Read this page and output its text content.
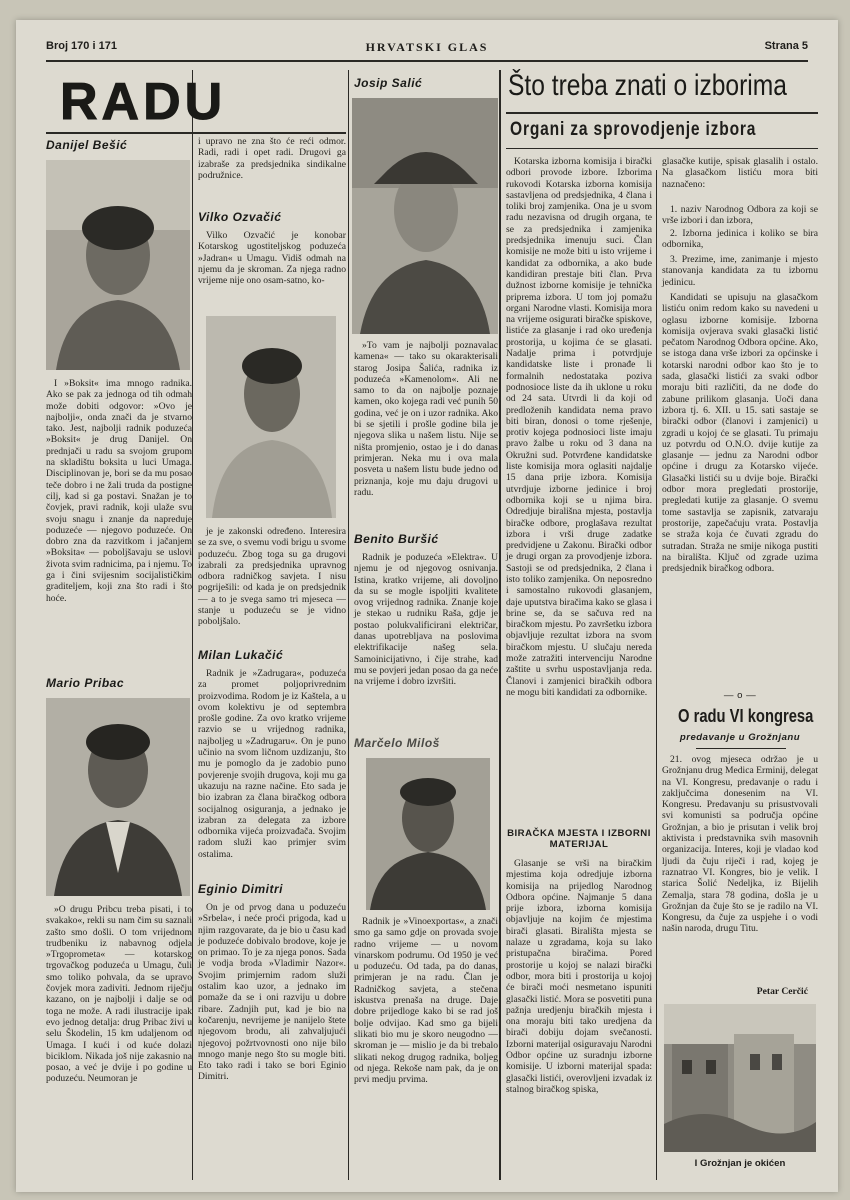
Broj 170 i 171	HRVATSKI GLAS	Strana 5
RADU
Danijel Bešić
I »Boksit« ima mnogo radnika. Ako se pak za jednoga od tih odmah može dobiti odgovor: »Ovo je najbolji«, onda znači da je stvarno tako. Jest, najbolji radnik poduzeća »Boksit« je drug Danijel. On prednjači u radu sa svojom grupom na skladištu boksita u luci Umaga. Disciplinovan je, bori se da mu posao teče dobro i ne žali truda da postigne cilj, kad si ga postavi. Snažan je to čovjek, pravi radnik, koji ulaže svu svoju snagu i znanje da napreduje poduzeće — njegovo poduzeće. On dobro zna da razvitkom i jačanjem »Boksita« — poboljšavaju se uslovi života svim radnicima, pa i njemu. To ga i čini svijesnim socijalističkim graditeljem, koji zna što radi i što hoće.
Mario Pribac
»O drugu Pribcu treba pisati, i to svakako«, rekli su nam čim su saznali zašto smo došli. O tom vrijednom trudbeniku iz nabavnog odjela »Trgoprometa« — kotarskog trgovačkog poduzeća u Umagu, čuli smo toliko pohvala, da se upravo čovjek mora zadiviti. Jednom riječju kazano, on je najbolji i dalje se od toga ne može. A radi ilustracije ipak evo jednog detalja: drug Pribac živi u selu Škodelin, 15 km udaljenom od Umaga. I kući i od kuće dolazi biciklom. Nikada još nije zakasnio na posao, a već je dvije i po godine u poduzeću. Neumoran je
i upravo ne zna što će reći odmor. Radi, radi i opet radi. Drugovi ga izabraše za predsjednika sindikalne podružnice.
Vilko Ozvačić
Vilko Ozvačić je konobar Kotarskog ugostiteljskog poduzeća »Jadran« u Umagu. Vidiš odmah na njemu da je skroman. Za njega radno vrijeme nije ono osam-satno, ko-
je je zakonski određeno. Interesira se za sve, o svemu vodi brigu u svome poduzeću. Zbog toga su ga drugovi izabrali za predsjednika upravnog odbora radničkog savjeta. I nisu pogriješili: od kada je on predsjednik — a to je svega samo tri mjeseca — stanje u poduzeću se je vidno poboljšalo.
Milan Lukačić
Radnik je »Zadrugara«, poduzeća za promet poljoprivrednim proizvodima. Rodom je iz Kaštela, a u ovom kolektivu je od septembra prošle godine. Za ovo kratko vrijeme razvio se u vrijednog radnika, najboljeg u »Zadrugaru«. On je puno učinio na svom ličnom uzdizanju, što mu je pomoglo da je zadobio puno povjerenje svojih drugova, koji mu ga ukazuju na razne načine. Eto sada je bio izabran za člana biračkog odbora socijalnog osiguranja, a jednako je izabran za delegata za izbore odbornika vijeća proizvađača. Svojim radom služi kao primjer svim ostalima.
Eginio Dimitri
On je od prvog dana u poduzeću »Srbela«, i neće proći prigoda, kad u njim razgovarate, da je bio u času kad je poduzeće dobivalo brodove, koje je on primao. To je za njega ponos. Sada je vodja broda »Vladimir Nazor«. Svojim primjernim radom služi ostalim kao uzor, a jednako im pomaže da se i oni razviju u dobre ribare. Zadnjih put, kad je bio na kočarenju, nevrijeme je nanijelo štete njegovom brodu, ali zahvaljujući njegovoj požrtvovnosti ono nije bilo mnogo manje nego što su mogle biti. Eto tako radi i tako se bori Eginio Dimitri.
Josip Salić
»To vam je najbolji poznavalac kamena« — tako su okarakterisali starog Josipa Šalića, radnika iz poduzeća »Kamenolom«. Ali ne samo to da on najbolje poznaje kamen, oko kojega radi već punih 50 godina, već je on i uzor radnika. Ako bi se sjetili i prošle godine bila je njegova slika u našem listu. Nije se ništa promjenio, ostao je i do danas primjeran. Neka mu i ova mala posveta u našem listu bude jedno od priznanja, koje mu daju drugovi u radu.
Benito Buršić
Radnik je poduzeća »Elektra«. U njemu je od njegovog osnivanja. Istina, kratko vrijeme, ali dovoljno da su se mogle ispoljiti kvalitete ovog vrijednog radnika. Znanje koje je stekao u rudniku Raša, gdje je postao polukvalificirani električar, danas upotrebljava na poslovima elektrifikacije našeg sela. Samoinicijativno, i čije strahe, kad mu se povjeri jedan posao da ga neće na vrijeme i dobro izvršiti.
Marčelo Miloš
Radnik je »Vinoexportas«, a znači smo ga samo gdje on provada svoje radno vrijeme — u novom vinarskom podrumu. Od 1950 je već u poduzeću. Od tada, pa do danas, primjeran je na radu. Član je Radničkog savjeta, a stečena iskustva prenaša na druge. Daje dobre prijedloge kako bi se rad još bolje odvijao. Kad smo ga bijeli slikati bio mu je skoro neugodno — skroman je — mislio je da bi trebalo slikati nekog drugog radnika, boljeg od njega. Rekoše nam pak, da je on prvi medju prvima.
Što treba znati o izborima
Organi za sprovodjenje izbora
Kotarska izborna komisija i birački odbori provode izbore. Izborima rukovodi Kotarska izborna komisija sastavljena od predsjednika, 4 člana i toliki broj zamjenika. Ona je u svom radu nezavisna od drugih organa, te se za predsjednika i zamjenika predsjednika imenuju suci. Član komisije ne može biti u isto vrijeme i kandidat za odbornika, a ako bude kandidiran prestaje biti član. Prva dužnost izborne komisije je tehnička priprema izbora. U tom joj pomažu organi Narodne vlasti. Komisija mora na vrijeme osigurati biračke spiskove, listiće za glasanje i rad oko uređenja prostorija, u kojima će se glasati. Nadalje prima i potvrdjuje kandidatske liste i pronađe li formalnih nedostataka poziva podnosioce liste da ih uklone u roku od 24 sata. Utvrdi li da koji od predloženih kandidata nema pravo biti biran, donosi o tome rješenje, protiv kojega podnosioci liste imaju pravo žalbe u roku od 3 dana na Okružni sud. Potvrđene kandidatske liste komisija mora oglasiti najdalje 15 dana prije izbora. Komisija utvrdjuje izborne jedinice i broj odbornika koji se u njima bira. Odredjuje birališna mjesta, postavlja biračke odbore, proglašava rezultat izbora i vrši druge zadatke predvidjene u Zakonu. Birački odbor je drugi organ za provodjenje izbora. Sastoji se od predsjednika, 2 člana i isto toliko zamjenika. On neposredno i samostalno rukovodi glasanjem, daje uputstva biračima kako se glasa i brine se, da se sačuva red na biračkom mjestu. Po završetku izbora objavljuje rezultat izbora na svom biračkom mjestu. U slučaju nereda može zatražiti intervenciju Narodne zaštite u svrhu uspostavljanja reda. Članovi i zamjenici biračkih odbora ne mogu biti kandidati za odbornike.
BIRAČKA MJESTA I IZBORNI MATERIJAL
Glasanje se vrši na biračkim mjestima koja odredjuje izborna komisija na prijedlog Narodnog Odbora općine. Najmanje 5 dana prije izbora, izborna komisija objavljuje na kojim će mjestima birači glasati. Birališta mjesta se nalaze u zgradama, koja su lako pristupačna biračima. Pored prostorije u kojoj se nalazi birački odbor, mora biti i prostorija u kojoj će birači moći nesmetano ispuniti glasački listić. Mora se posvetiti puna pažnja uredjenju biračkih mjesta i ona moraju biti tako uredjena da birači dobiju dojam svečanosti. Izborni materijal osiguravaju Narodni Odbor općine uz suradnju izborne komisije. U izborni materijal spada: glasački listići, overovljeni izvadak iz stalnog biračkog spiska,
glasačke kutije, spisak glasalih i ostalo. Na glasačkom listiću mora biti naznačeno:
1. naziv Narodnog Odbora za koji se vrše izbori i dan izbora,
2. Izborna jedinica i koliko se bira odbornika,
3. Prezime, ime, zanimanje i mjesto stanovanja kandidata za tu izbornu jedinicu.
Kandidati se upisuju na glasačkom listiću onim redom kako su navedeni u oglasu izborne komisije. Izborna komisija ovjerava svaki glasački listić pečatom Narodnog Odbora općine. Ako, se istoga dana vrše izbori za općinske i kotarski narodni odbor kao što je to sada, glasački listići za svaki odbor moraju biti različiti, da ne dođe do zabune prilikom glasanja. Uoči dana izbora tj. 6. XII. u 15. sati sastaje se birački odbor (članovi i zamjenici) u zgradi u kojoj će se glasati. Tu primaju uz potvrdu od O.N.O. dvije kutije za glasanje — jednu za Narodni odbor općine i drugu za Kotarsko vijeće. Glasački listići su u dvije boje. Birački odbor mora pregledati prostorije, pregledati kutije za glasanje. O svemu tome sastavlja se zapisnik, zatvaraju prostorije, zapečaćuju vrata. Postavlja se straža koja će čuvati zgradu do sutradan. Straža ne smije nikoga pustiti na birališta. Ključ od zgrade uzima predsjednik biračkog odbora.
— o —
O radu VI kongresa
predavanje u Grožnjanu
21. ovog mjeseca održao je u Grožnjanu drug Medica Erminij, delegat na VI. Kongresu, predavanje o radu i zaključcima donesenim na VI. Kongresu. Predavanju su prisustvovali svi komunisti sa područja općine Grožnjan, a bio je prisutan i velik broj aktivista i predstavnika svih masovnih organizacija. Interes, koji je vladao kod ljudi da čuju riječi i rad, kojeg je raznatrao VI. Kongres, bio je velik. I starica Šolić Nedeljka, iz Bijelih Zemalja, stara 78 godina, došla je u Grožnjan da čuje što se je radilo na VI. Kongresu, da čuje za uspjehe i o vodi našin naroda, drugu Titu.
Petar Cerčić
I Grožnjan je okićen
